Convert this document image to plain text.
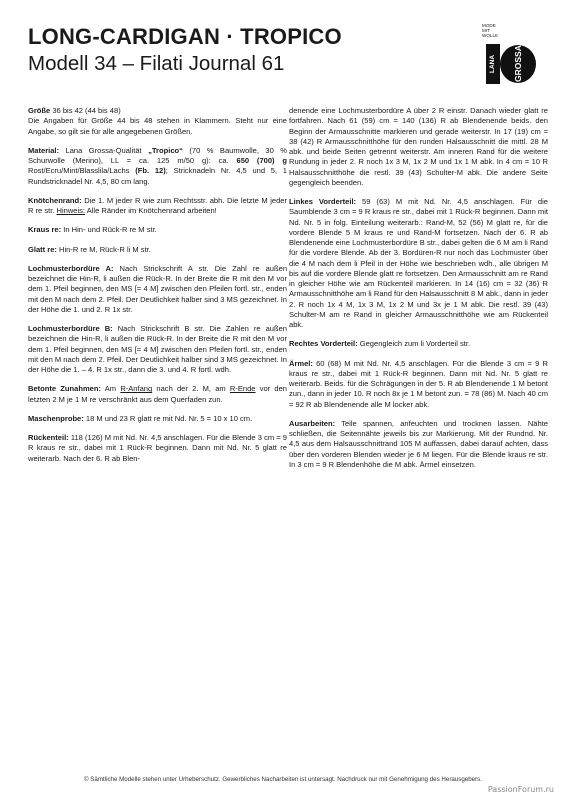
LONG-CARDIGAN · TROPICO
Modell 34 – Filati Journal 61
MODE
MIT
WOLLE
LANA	GROSSA

Größe 36 bis 42 (44 bis 48)
Die Angaben für Größe 44 bis 48 stehen in Klammern. Steht nur eine Angabe, so gilt sie für alle angegebenen Größen.

Material: Lana Grossa-Qualität „Tropico“ (70 % Baumwolle, 30 % Schurwolle (Merino), LL = ca. 125 m/50 g): ca. 650 (700) g Rost/Ecru/Mint/Blasslila/Lachs (Fb. 12); Stricknadeln Nr. 4,5 und 5, 1 Rundstricknadel Nr. 4,5, 80 cm lang.

Knötchenrand: Die 1. M jeder R wie zum Rechtsstr. abh. Die letzte M jeder R re str. Hinweis: Alle Ränder im Knötchenrand arbeiten!

Kraus re: In Hin- und Rück-R re M str.

Glatt re: Hin-R re M, Rück-R li M str.

Lochmusterbordüre A: Nach Strickschrift A str. Die Zahl re außen bezeichnet die Hin-R, li außen die Rück-R. In der Breite die R mit den M vor dem 1. Pfeil beginnen, den MS [= 4 M] zwischen den Pfeilen fortl. str., enden mit den M nach dem 2. Pfeil. Der Deutlichkeit halber sind 3 MS gezeichnet. In der Höhe die 1. und 2. R 1x str.

Lochmusterbordüre B: Nach Strickschrift B str. Die Zahlen re außen bezeichnen die Hin-R, li außen die Rück-R. In der Breite die R mit den M vor dem 1. Pfeil beginnen, den MS [= 4 M] zwischen den Pfeilen fortl. str., enden mit den M nach dem 2. Pfeil. Der Deutlichkeit halber sind 3 MS gezeichnet. In der Höhe die 1. – 4. R 1x str., dann die 3. und 4. R fortl. wdh.

Betonte Zunahmen: Am R-Anfang nach der 2. M, am R-Ende vor den letzten 2 M je 1 M re verschränkt aus dem Querfaden zun.

Maschenprobe: 18 M und 23 R glatt re mit Nd. Nr. 5 = 10 x 10 cm.

Rückenteil: 118 (126) M mit Nd. Nr. 4,5 anschlagen. Für die Blende 3 cm = 9 R kraus re str., dabei mit 1 Rück-R beginnen. Dann mit Nd. Nr. 5 glatt re weiterarb. Nach der 6. R ab Blen-

denende eine Lochmusterbordüre A über 2 R einstr. Danach wieder glatt re fortfahren. Nach 61 (59) cm = 140 (136) R ab Blendenende beids. den Beginn der Armausschnitte markieren und gerade weiterstr. In 17 (19) cm = 38 (42) R Armausschnitthöhe für den runden Halsausschnitt die mittl. 28 M abk. und beide Seiten getrennt weiterstr. Am inneren Rand für die weitere Rundung in jeder 2. R noch 1x 3 M, 1x 2 M und 1x 1 M abk. In 4 cm = 10 R Halsausschnitthöhe die restl. 39 (43) Schulter-M abk. Die andere Seite gegengleich beenden.

Linkes Vorderteil: 59 (63) M mit Nd. Nr. 4,5 anschlagen. Für die Saumblende 3 cm = 9 R kraus re str., dabei mit 1 Rück-R beginnen. Dann mit Nd. Nr. 5 in folg. Einteilung weiterarb.: Rand-M, 52 (56) M glatt re, für die vordere Blende 5 M kraus re und Rand-M fortsetzen. Nach der 6. R ab Blendenende eine Lochmusterbordüre B str., dabei gelten die 6 M am li Rand für die vordere Blende. Ab der 3. Bordüren-R nur noch das Lochmuster über die 4 M nach dem li Pfeil in der Höhe wie beschrieben wdh., alle übrigen M bis auf die vordere Blende glatt re fortsetzen. Den Armausschnitt am re Rand in gleicher Höhe wie am Rückenteil markieren. In 14 (16) cm = 32 (36) R Armausschnitthöhe am li Rand für den Halsausschnitt 8 M abk., dann in jeder 2. R noch 1x 4 M, 1x 3 M, 1x 2 M und 3x je 1 M abk. Die restl. 39 (43) Schulter-M am re Rand in gleicher Armausschnitthöhe wie am Rückenteil abk.

Rechtes Vorderteil: Gegengleich zum li Vorderteil str.

Ärmel: 60 (68) M mit Nd. Nr. 4,5 anschlagen. Für die Blende 3 cm = 9 R kraus re str., dabei mit 1 Rück-R beginnen. Dann mit Nd. Nr. 5 glatt re weiterarb. Beids. für die Schrägungen in der 5. R ab Blendenende 1 M betont zun., dann in jeder 10. R noch 8x je 1 M betont zun. = 78 (86) M. Nach 40 cm = 92 R ab Blendenende alle M locker abk.

Ausarbeiten: Teile spannen, anfeuchten und trocknen lassen. Nähte schließen, die Seitennähte jeweils bis zur Markierung. Mit der Rundnd. Nr. 4,5 aus dem Halsausschnittrand 105 M auffassen, dabei darauf achten, dass über den vorderen Blenden wieder je 6 M liegen. Für die Blende kraus re str. In 3 cm = 9 R Blendenhöhe die M abk. Ärmel einsetzen.

© Sämtliche Modelle stehen unter Urheberschutz. Gewerbliches Nacharbeiten ist untersagt. Nachdruck nur mit Genehmigung des Herausgebers.
PassionForum.ru
